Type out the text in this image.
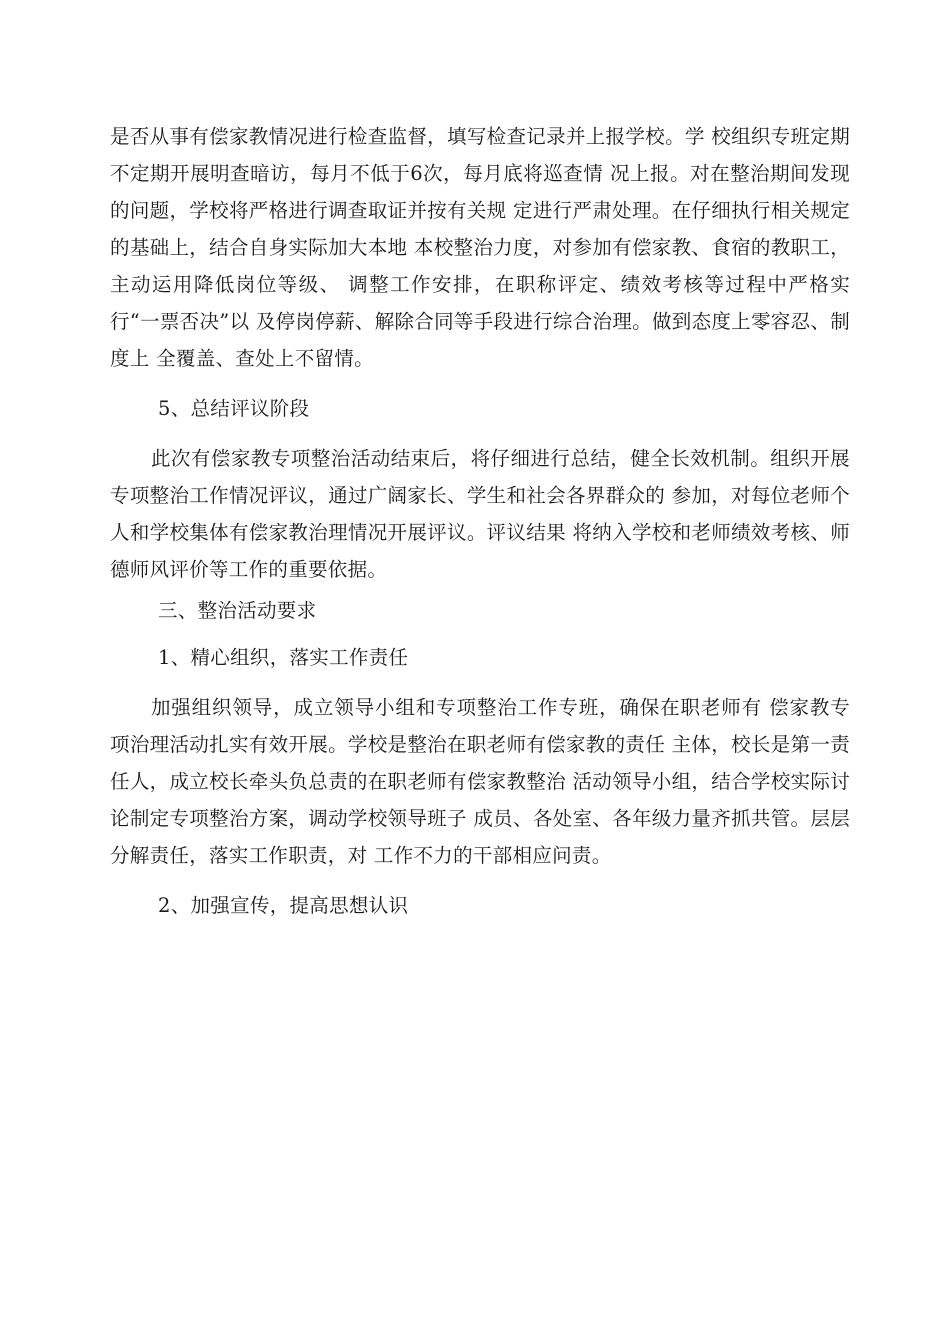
是否从事有偿家教情况进行检查监督，填写检查记录并上报学校。学 校组织专班定期不定期开展明查暗访，每月不低于6次，每月底将巡查情 况上报。对在整治期间发现的问题，学校将严格进行调查取证并按有关规 定进行严肃处理。在仔细执行相关规定的基础上，结合自身实际加大本地 本校整治力度，对参加有偿家教、食宿的教职工，主动运用降低岗位等级、 调整工作安排，在职称评定、绩效考核等过程中严格实行“一票否决”以 及停岗停薪、解除合同等手段进行综合治理。做到态度上零容忍、制度上 全覆盖、查处上不留情。

5、总结评议阶段

此次有偿家教专项整治活动结束后，将仔细进行总结，健全长效机制。组织开展专项整治工作情况评议，通过广阔家长、学生和社会各界群众的 参加，对每位老师个人和学校集体有偿家教治理情况开展评议。评议结果 将纳入学校和老师绩效考核、师德师风评价等工作的重要依据。

三、整治活动要求

1、精心组织，落实工作责任

加强组织领导，成立领导小组和专项整治工作专班，确保在职老师有 偿家教专项治理活动扎实有效开展。学校是整治在职老师有偿家教的责任 主体，校长是第一责任人，成立校长牵头负总责的在职老师有偿家教整治 活动领导小组，结合学校实际讨论制定专项整治方案，调动学校领导班子 成员、各处室、各年级力量齐抓共管。层层分解责任，落实工作职责，对 工作不力的干部相应问责。

2、加强宣传，提高思想认识
